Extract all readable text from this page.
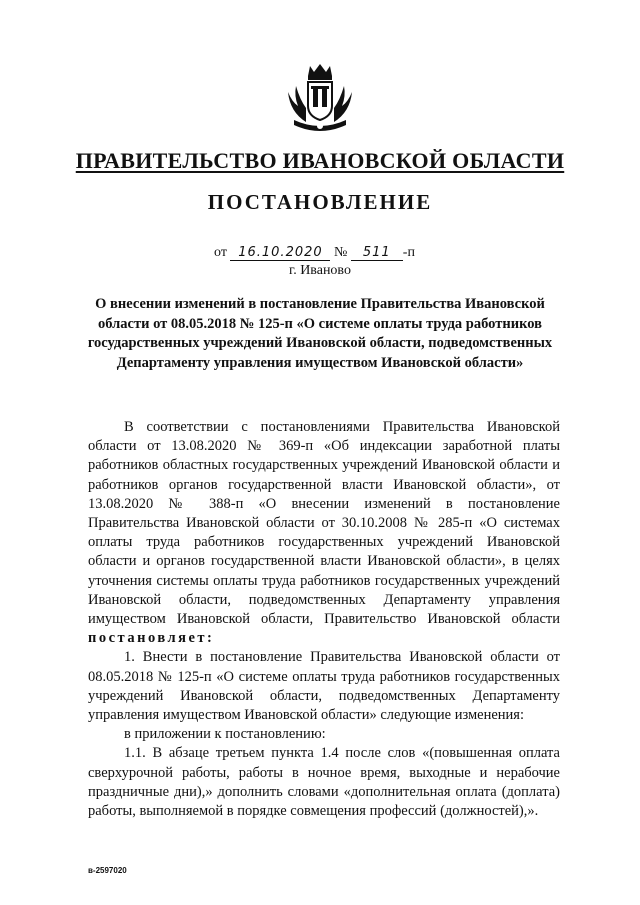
ПРАВИТЕЛЬСТВО ИВАНОВСКОЙ ОБЛАСТИ
ПОСТАНОВЛЕНИЕ
от 16.10.2020 № 511 -п
г. Иваново
О внесении изменений в постановление Правительства Ивановской области от 08.05.2018 № 125-п «О системе оплаты труда работников государственных учреждений Ивановской области, подведомственных Департаменту управления имуществом Ивановской области»

В соответствии с постановлениями Правительства Ивановской области от 13.08.2020 № 369-п «Об индексации заработной платы работников областных государственных учреждений Ивановской области и работников органов государственной власти Ивановской области», от 13.08.2020 № 388-п «О внесении изменений в постановление Правительства Ивановской области от 30.10.2008 № 285-п «О системах оплаты труда работников государственных учреждений Ивановской области и органов государственной власти Ивановской области», в целях уточнения системы оплаты труда работников государственных учреждений Ивановской области, подведомственных Департаменту управления имуществом Ивановской области, Правительство Ивановской области постановляет:

1. Внести в постановление Правительства Ивановской области от 08.05.2018 № 125-п «О системе оплаты труда работников государственных учреждений Ивановской области, подведомственных Департаменту управления имуществом Ивановской области» следующие изменения:

в приложении к постановлению:

1.1. В абзаце третьем пункта 1.4 после слов «(повышенная оплата сверхурочной работы, работы в ночное время, выходные и нерабочие праздничные дни),» дополнить словами «дополнительная оплата (доплата) работы, выполняемой в порядке совмещения профессий (должностей),».

в-2597020
